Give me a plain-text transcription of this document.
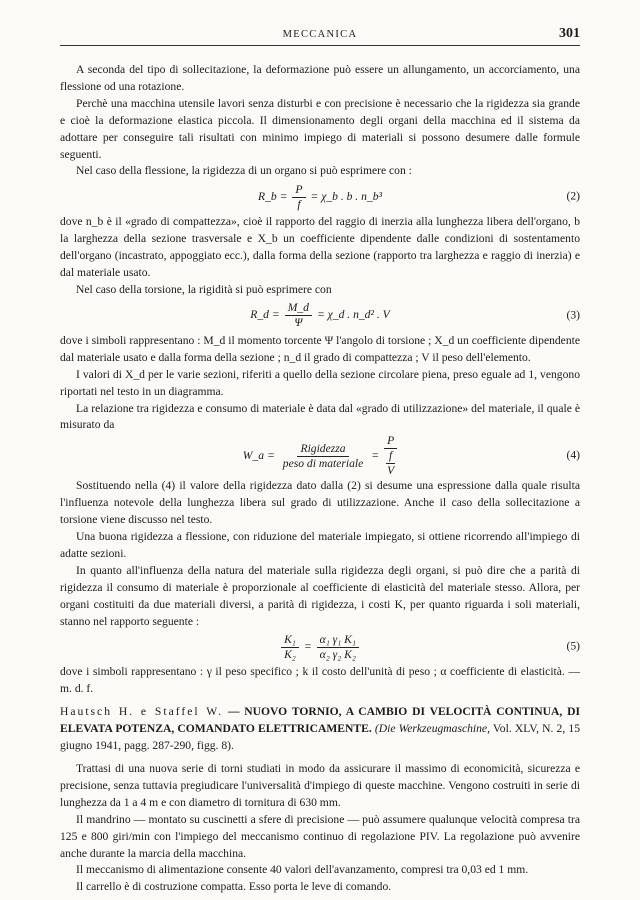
MECCANICA	301

A seconda del tipo di sollecitazione, la deformazione può essere un allungamento, un accorciamento, una flessione od una rotazione.

Perchè una macchina utensile lavori senza disturbi e con precisione è necessario che la rigidezza sia grande e cioè la deformazione elastica piccola. Il dimensionamento degli organi della macchina ed il sistema da adottare per conseguire tali risultati con minimo impiego di materiali si possono desumere dalle formule seguenti.

Nel caso della flessione, la rigidezza di un organo si può esprimere con :

R_b = $\frac{P}{f}$ = χ_b . b . n_b³	(2)

dove n_b è il «grado di compattezza», cioè il rapporto del raggio di inerzia alla lunghezza libera dell'organo, b la larghezza della sezione trasversale e X_b un coefficiente dipendente dalle condizioni di sostentamento dell'organo (incastrato, appoggiato ecc.), dalla forma della sezione (rapporto tra larghezza e raggio di inerzia) e dal materiale usato.

Nel caso della torsione, la rigidità si può esprimere con

R_d = $\frac{M\_d}{\Psi}$ = χ_d . n_d² . V	(3)

dove i simboli rappresentano : M_d il momento torcente Ψ l'angolo di torsione ; X_d un coefficiente dipendente dal materiale usato e dalla forma della sezione ; n_d il grado di compattezza ; V il peso dell'elemento.

I valori di X_d per le varie sezioni, riferiti a quello della sezione circolare piena, preso eguale ad 1, vengono riportati nel testo in un diagramma.

La relazione tra rigidezza e consumo di materiale è data dal «grado di utilizzazione» del materiale, il quale è misurato da

W_a = $\frac{\text{Rigidezza}}{\text{peso di materiale}}$ =
P
f
V
(4)

Sostituendo nella (4) il valore della rigidezza dato dalla (2) si desume una espressione dalla quale risulta l'influenza notevole della lunghezza libera sul grado di utilizzazione. Anche il caso della sollecitazione a torsione viene discusso nel testo.

Una buona rigidezza a flessione, con riduzione del materiale impiegato, si ottiene ricorrendo all'impiego di adatte sezioni.

In quanto all'influenza della natura del materiale sulla rigidezza degli organi, si può dire che a parità di rigidezza il consumo di materiale è proporzionale al coefficiente di elasticità del materiale stesso. Allora, per organi costituiti da due materiali diversi, a parità di rigidezza, i costi K, per quanto riguarda i soli materiali, stanno nel rapporto seguente :

$\frac{\text{K₁}}{\text{K₂}} = \frac{\text{α₁ γ₁ K₁}}{\text{α₂ γ₂ K₂}}$	(5)

dove i simboli rappresentano : γ il peso specifico ; k il costo dell'unità di peso ; α coefficiente di elasticità. — m. d. f.

Hautsch H. e Staffel W. — NUOVO TORNIO, A CAMBIO DI VELOCITÀ CONTINUA, DI ELEVATA POTENZA, COMANDATO ELETTRICAMENTE. (Die Werkzeugmaschine, Vol. XLV, N. 2, 15 giugno 1941, pagg. 287-290, figg. 8).

Trattasi di una nuova serie di torni studiati in modo da assicurare il massimo di economicità, sicurezza e precisione, senza tuttavia pregiudicare l'universalità d'impiego di queste macchine. Vengono costruiti in serie di lunghezza da 1 a 4 m e con diametro di tornitura di 630 mm.

Il mandrino — montato su cuscinetti a sfere di precisione — può assumere qualunque velocità compresa tra 125 e 800 giri/min con l'impiego del meccanismo continuo di regolazione PIV. La regolazione può avvenire anche durante la marcia della macchina.

Il meccanismo di alimentazione consente 40 valori dell'avanzamento, compresi tra 0,03 ed 1 mm.

Il carrello è di costruzione compatta. Esso porta le leve di comando.
